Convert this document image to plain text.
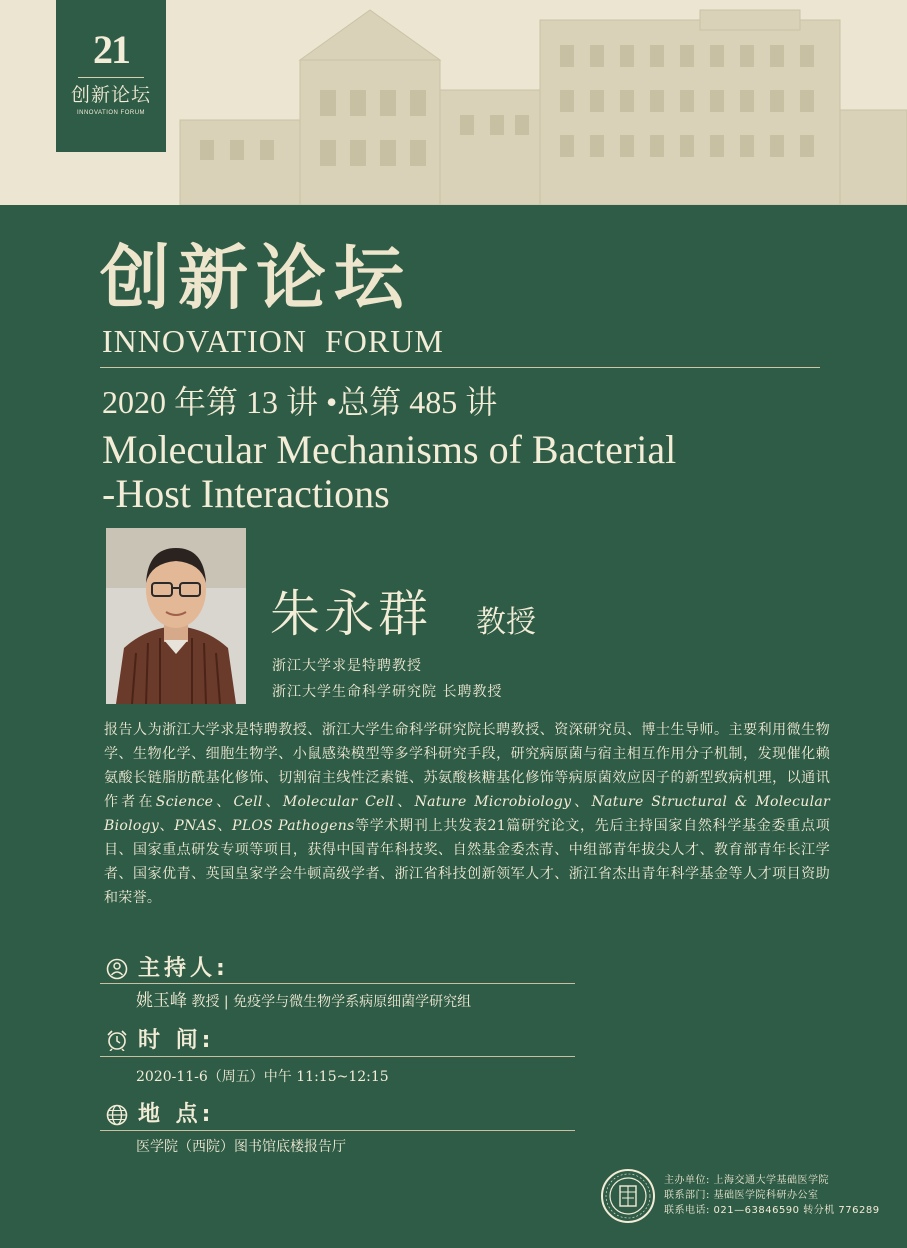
21
创新论坛
INNOVATION FORUM
创新论坛
INNOVATION  FORUM
2020 年第 13 讲 •总第 485 讲
Molecular Mechanisms of Bacterial
-Host Interactions
朱永群 教授
浙江大学求是特聘教授
浙江大学生命科学研究院 长聘教授
报告人为浙江大学求是特聘教授、浙江大学生命科学研究院长聘教授、资深研究员、博士生导师。主要利用微生物学、生物化学、细胞生物学、小鼠感染模型等多学科研究手段，研究病原菌与宿主相互作用分子机制，发现催化赖氨酸长链脂肪酰基化修饰、切割宿主线性泛素链、苏氨酸核糖基化修饰等病原菌效应因子的新型致病机理，以通讯作者在Science、Cell、Molecular Cell、Nature Microbiology、Nature Structural & Molecular Biology、PNAS、PLOS Pathogens等学术期刊上共发表21篇研究论文，先后主持国家自然科学基金委重点项目、国家重点研发专项等项目，获得中国青年科技奖、自然基金委杰青、中组部青年拔尖人才、教育部青年长江学者、国家优青、英国皇家学会牛顿高级学者、浙江省科技创新领军人才、浙江省杰出青年科学基金等人才项目资助和荣誉。
主持人:
姚玉峰 教授 | 免疫学与微生物学系病原细菌学研究组
时 间:
2020-11-6（周五）中午 11:15~12:15
地 点:
医学院（西院）图书馆底楼报告厅
主办单位: 上海交通大学基础医学院
联系部门: 基础医学院科研办公室
联系电话: 021—63846590 转分机 776289
